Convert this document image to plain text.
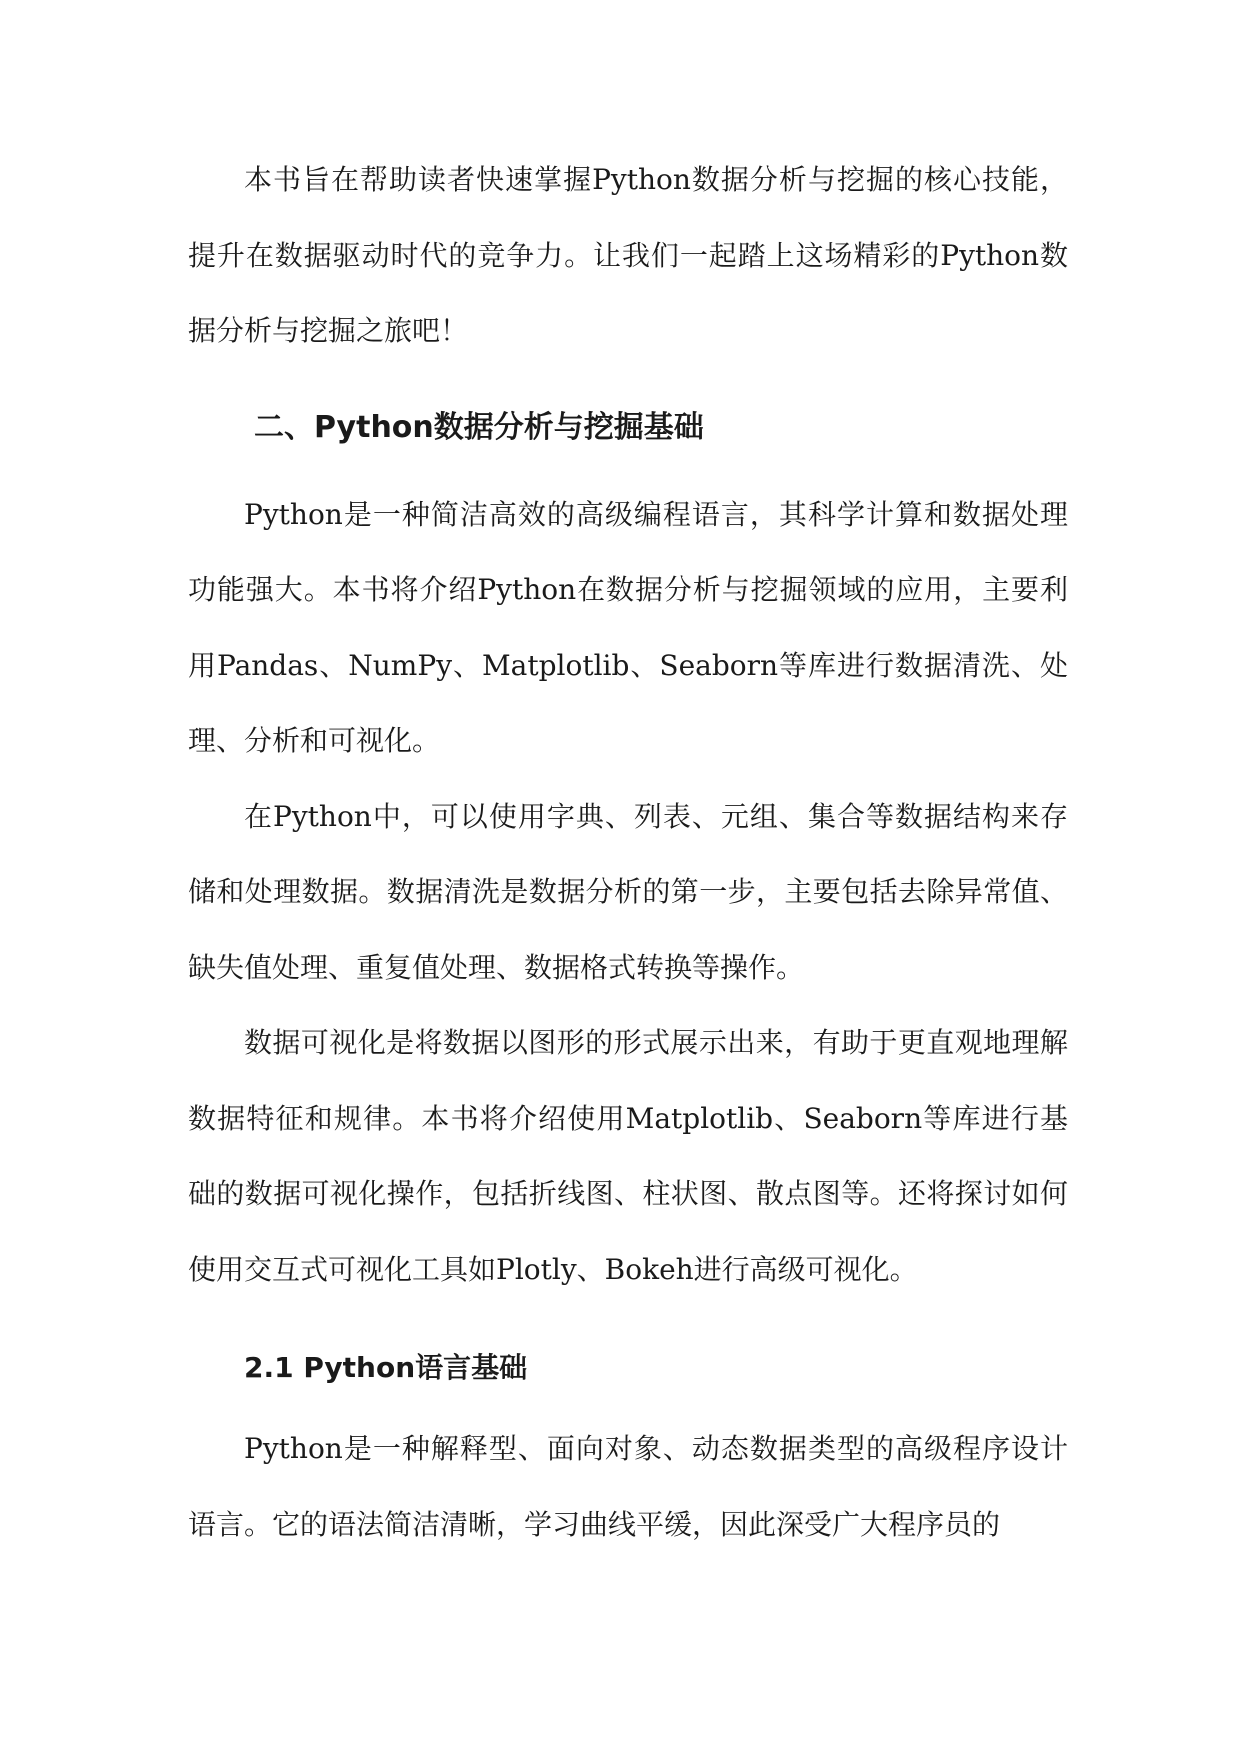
本书旨在帮助读者快速掌握Python数据分析与挖掘的核心技能，提升在数据驱动时代的竞争力。让我们一起踏上这场精彩的Python数据分析与挖掘之旅吧！

二、Python数据分析与挖掘基础

Python是一种简洁高效的高级编程语言，其科学计算和数据处理功能强大。本书将介绍Python在数据分析与挖掘领域的应用，主要利用Pandas、NumPy、Matplotlib、Seaborn等库进行数据清洗、处理、分析和可视化。

在Python中，可以使用字典、列表、元组、集合等数据结构来存储和处理数据。数据清洗是数据分析的第一步，主要包括去除异常值、缺失值处理、重复值处理、数据格式转换等操作。

数据可视化是将数据以图形的形式展示出来，有助于更直观地理解数据特征和规律。本书将介绍使用Matplotlib、Seaborn等库进行基础的数据可视化操作，包括折线图、柱状图、散点图等。还将探讨如何使用交互式可视化工具如Plotly、Bokeh进行高级可视化。

2.1 Python语言基础

Python是一种解释型、面向对象、动态数据类型的高级程序设计语言。它的语法简洁清晰，学习曲线平缓，因此深受广大程序员的
